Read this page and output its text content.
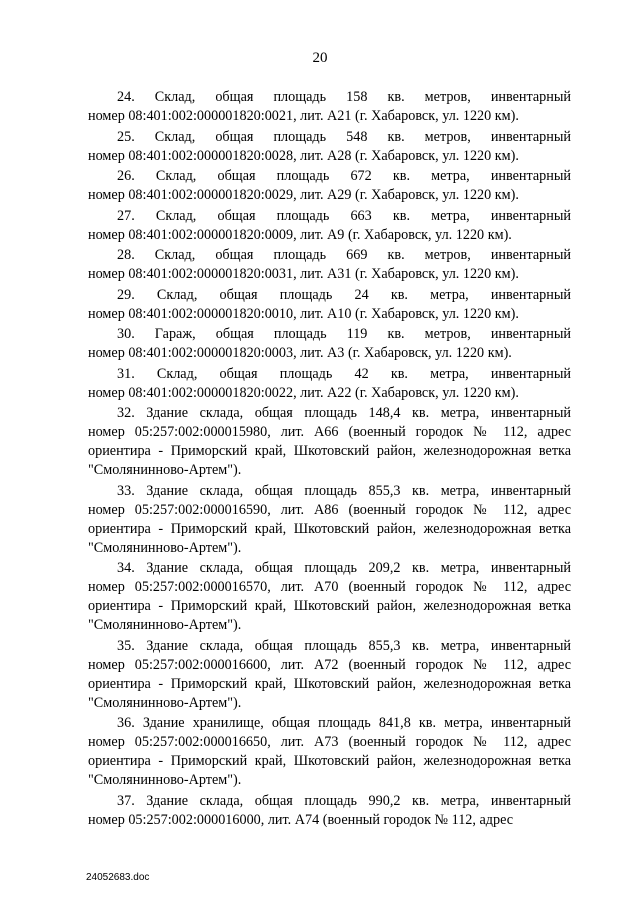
20
24. Склад, общая площадь 158 кв. метров, инвентарный
номер 08:401:002:000001820:0021, лит. А21 (г. Хабаровск, ул. 1220 км).
25. Склад, общая площадь 548 кв. метров, инвентарный
номер 08:401:002:000001820:0028, лит. А28 (г. Хабаровск, ул. 1220 км).
26. Склад, общая площадь 672 кв. метра, инвентарный
номер 08:401:002:000001820:0029, лит. А29 (г. Хабаровск, ул. 1220 км).
27. Склад, общая площадь 663 кв. метра, инвентарный
номер 08:401:002:000001820:0009, лит. А9 (г. Хабаровск, ул. 1220 км).
28. Склад, общая площадь 669 кв. метров, инвентарный
номер 08:401:002:000001820:0031, лит. А31 (г. Хабаровск, ул. 1220 км).
29. Склад, общая площадь 24 кв. метра, инвентарный
номер 08:401:002:000001820:0010, лит. А10 (г. Хабаровск, ул. 1220 км).
30. Гараж, общая площадь 119 кв. метров, инвентарный
номер 08:401:002:000001820:0003, лит. А3 (г. Хабаровск, ул. 1220 км).
31. Склад, общая площадь 42 кв. метра, инвентарный
номер 08:401:002:000001820:0022, лит. А22 (г. Хабаровск, ул. 1220 км).
32. Здание склада, общая площадь 148,4 кв. метра, инвентарный
номер 05:257:002:000015980, лит. А66 (военный городок № 112, адрес ориентира - Приморский край, Шкотовский район, железнодорожная ветка "Смолянинново-Артем").
33. Здание склада, общая площадь 855,3 кв. метра, инвентарный
номер 05:257:002:000016590, лит. А86 (военный городок № 112, адрес ориентира - Приморский край, Шкотовский район, железнодорожная ветка "Смолянинново-Артем").
34. Здание склада, общая площадь 209,2 кв. метра, инвентарный
номер 05:257:002:000016570, лит. А70 (военный городок № 112, адрес ориентира - Приморский край, Шкотовский район, железнодорожная ветка "Смолянинново-Артем").
35. Здание склада, общая площадь 855,3 кв. метра, инвентарный
номер 05:257:002:000016600, лит. А72 (военный городок № 112, адрес ориентира - Приморский край, Шкотовский район, железнодорожная ветка "Смолянинново-Артем").
36. Здание хранилище, общая площадь 841,8 кв. метра, инвентарный
номер 05:257:002:000016650, лит. А73 (военный городок № 112, адрес ориентира - Приморский край, Шкотовский район, железнодорожная ветка "Смолянинново-Артем").
37. Здание склада, общая площадь 990,2 кв. метра, инвентарный
номер 05:257:002:000016000, лит. А74 (военный городок № 112, адрес
24052683.doc
